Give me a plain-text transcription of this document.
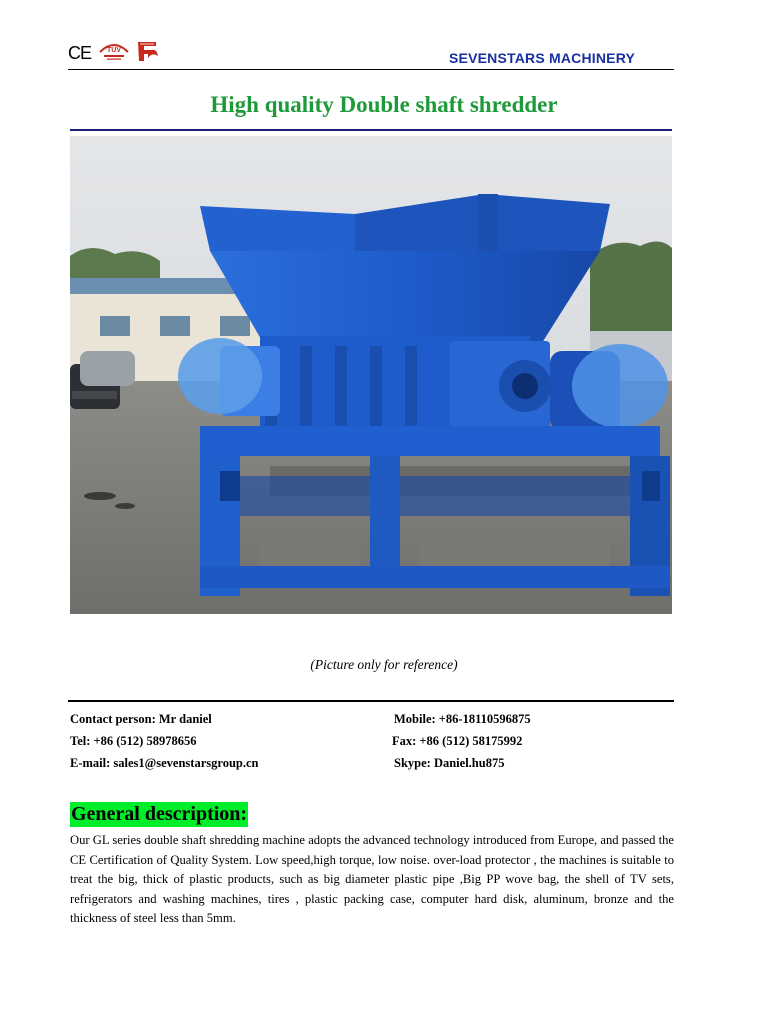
CE TÜV	SEVENSTARS MACHINERY
High quality Double shaft shredder
(Picture only for reference)
Contact person: Mr daniel	Mobile: +86-18110596875
Tel: +86 (512) 58978656	Fax: +86 (512) 58175992
E-mail: sales1@sevenstarsgroup.cn	Skype: Daniel.hu875
General description:
Our GL series double shaft shredding machine adopts the advanced technology introduced from Europe, and passed the CE Certification of Quality System. Low speed,high torque, low noise. over-load protector , the machines is suitable to treat the big, thick of plastic products, such as big diameter plastic pipe ,Big PP wove bag, the shell of TV sets, refrigerators and washing machines, tires , plastic packing case, computer hard disk, aluminum, bronze and the thickness of steel less than 5mm.
